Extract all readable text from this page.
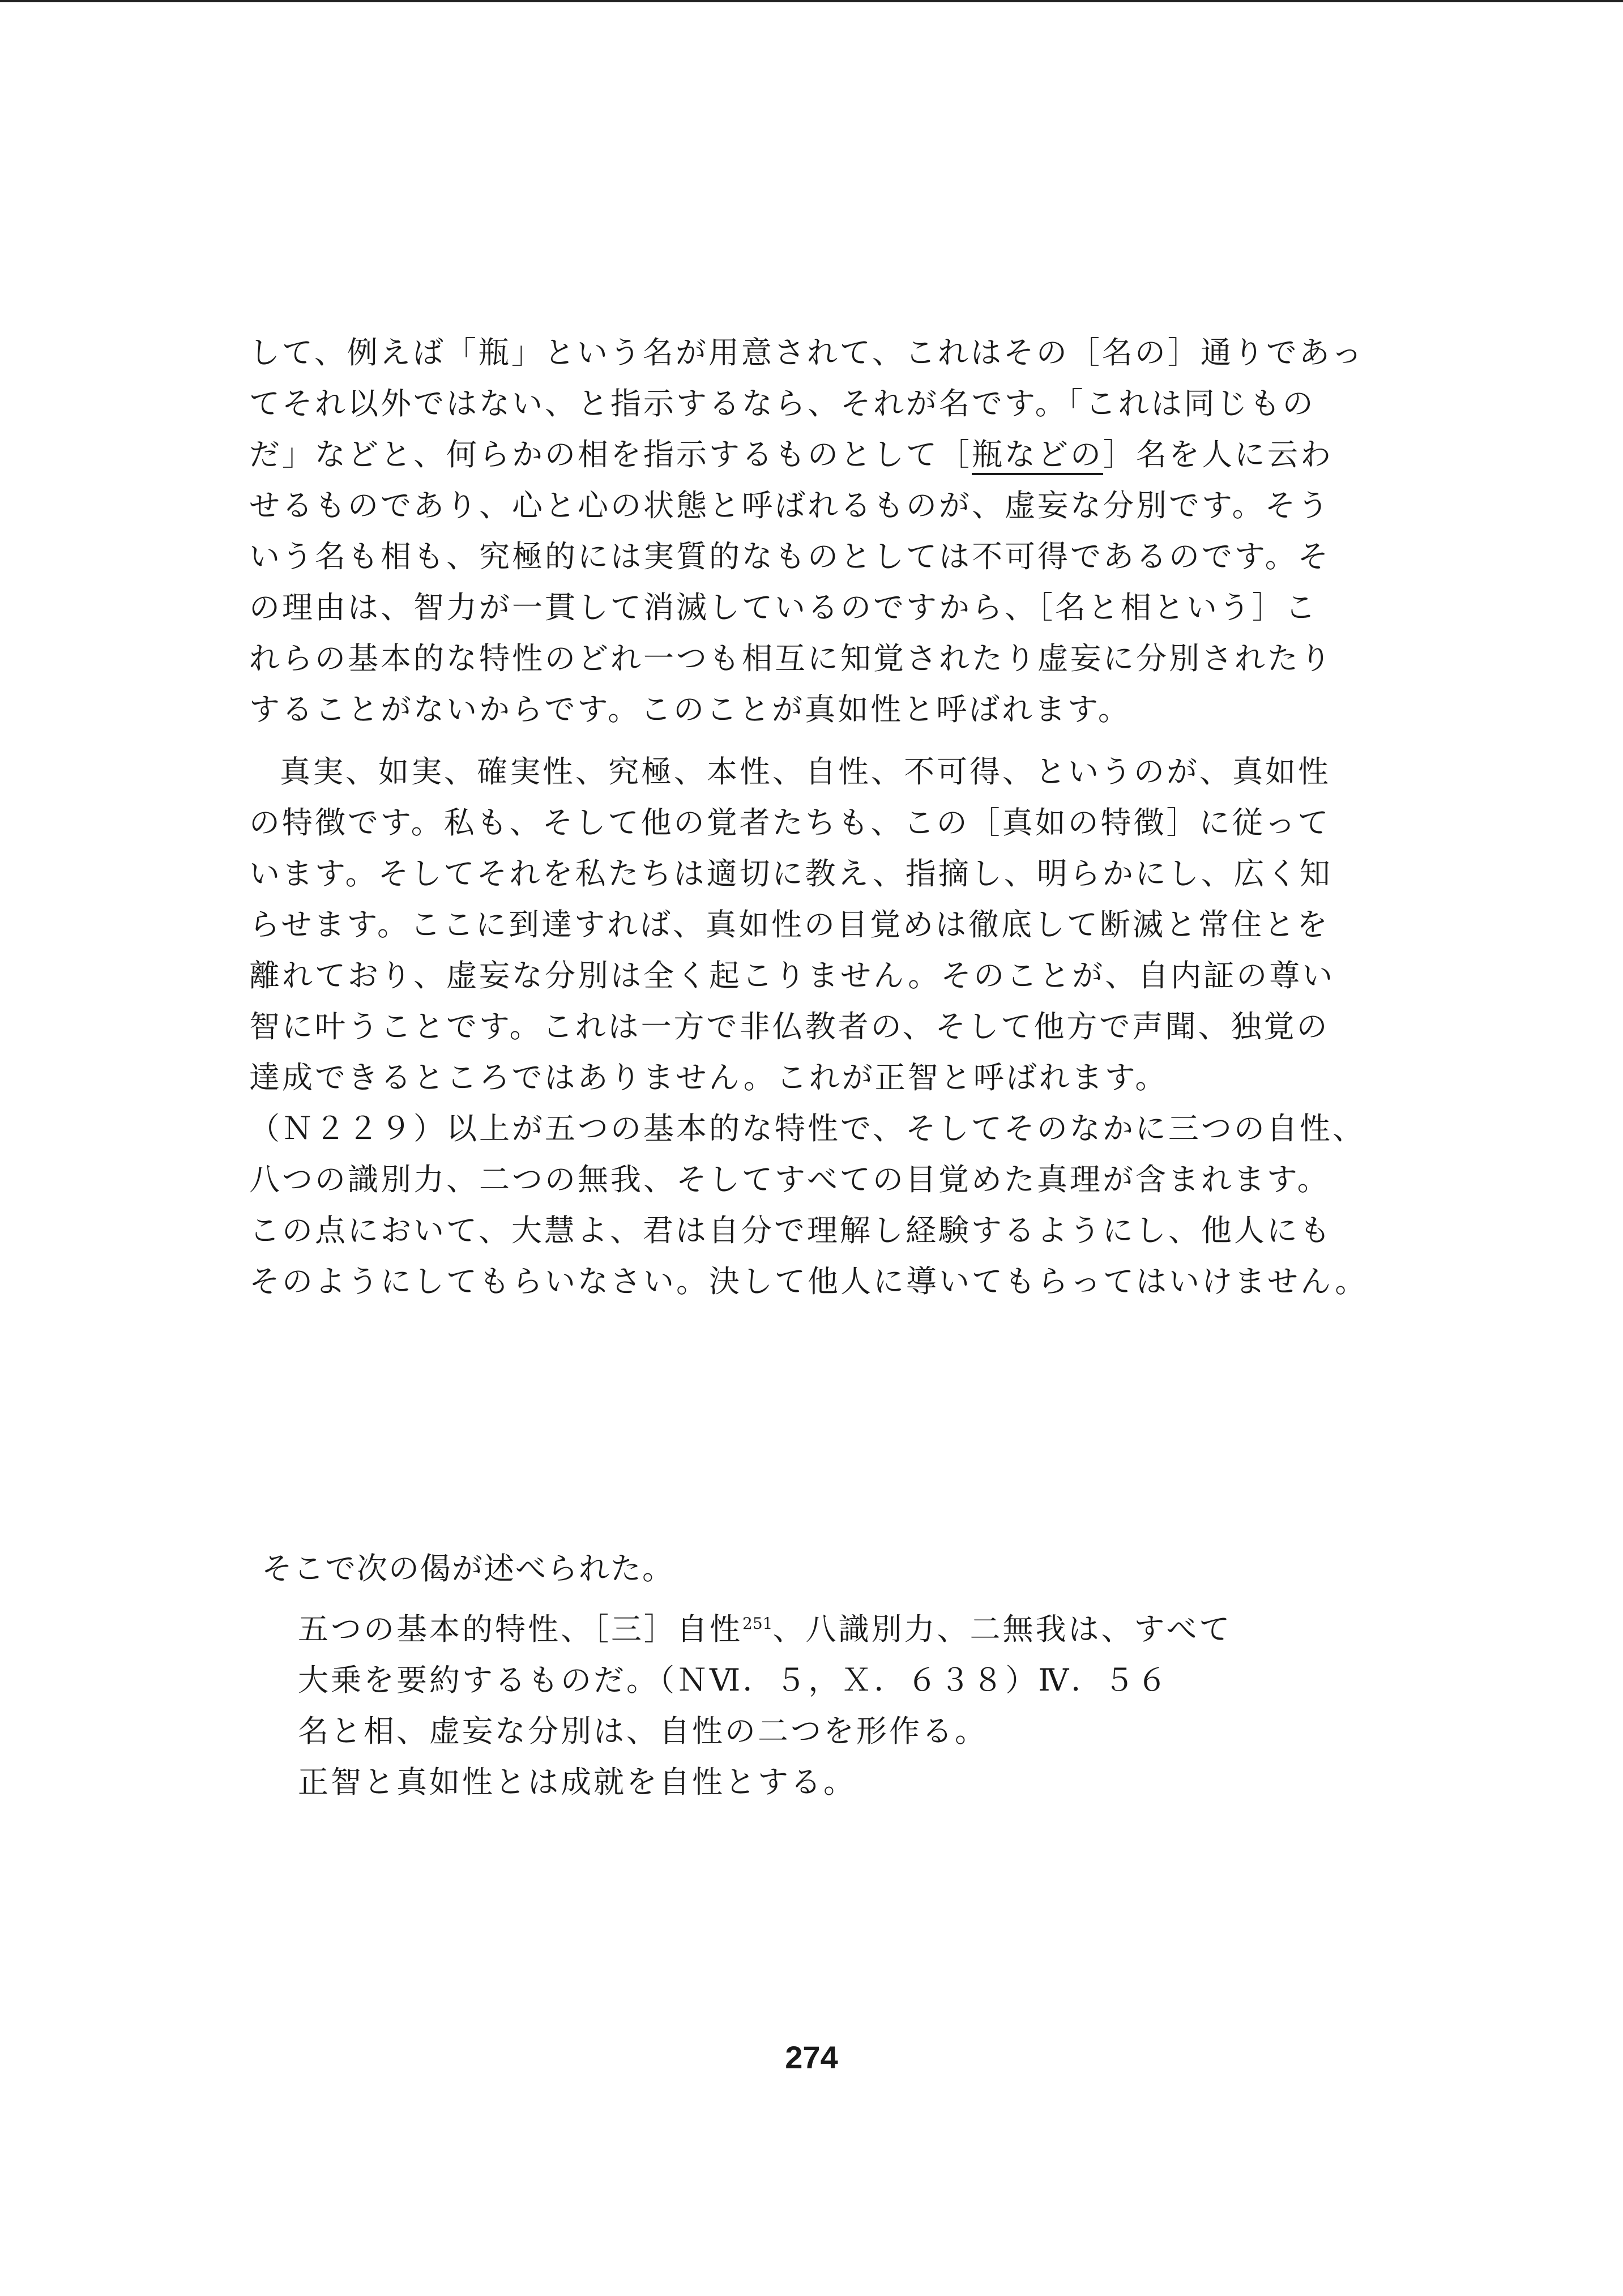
して、例えば「瓶」という名が用意されて、これはその［名の］通りであっ
てそれ以外ではない、と指示するなら、それが名です。「これは同じもの
だ」などと、何らかの相を指示するものとして［瓶などの］名を人に云わ
せるものであり、心と心の状態と呼ばれるものが、虚妄な分別です。そう
いう名も相も、究極的には実質的なものとしては不可得であるのです。そ
の理由は、智力が一貫して消滅しているのですから、［名と相という］こ
れらの基本的な特性のどれ一つも相互に知覚されたり虚妄に分別されたり
することがないからです。このことが真如性と呼ばれます。
真実、如実、確実性、究極、本性、自性、不可得、というのが、真如性
の特徴です。私も、そして他の覚者たちも、この［真如の特徴］に従って
います。そしてそれを私たちは適切に教え、指摘し、明らかにし、広く知
らせます。ここに到達すれば、真如性の目覚めは徹底して断滅と常住とを
離れており、虚妄な分別は全く起こりません。そのことが、自内証の尊い
智に叶うことです。これは一方で非仏教者の、そして他方で声聞、独覚の
達成できるところではありません。これが正智と呼ばれます。
（Ｎ２２９）以上が五つの基本的な特性で、そしてそのなかに三つの自性、
八つの識別力、二つの無我、そしてすべての目覚めた真理が含まれます。
この点において、大慧よ、君は自分で理解し経験するようにし、他人にも
そのようにしてもらいなさい。決して他人に導いてもらってはいけません。
そこで次の偈が述べられた。
五つの基本的特性、［三］自性$^{251}$、八識別力、二無我は、すべて
大乗を要約するものだ。（ＮⅥ．５，Ｘ．６３８）Ⅳ．５６
名と相、虚妄な分別は、自性の二つを形作る。
正智と真如性とは成就を自性とする。
274
